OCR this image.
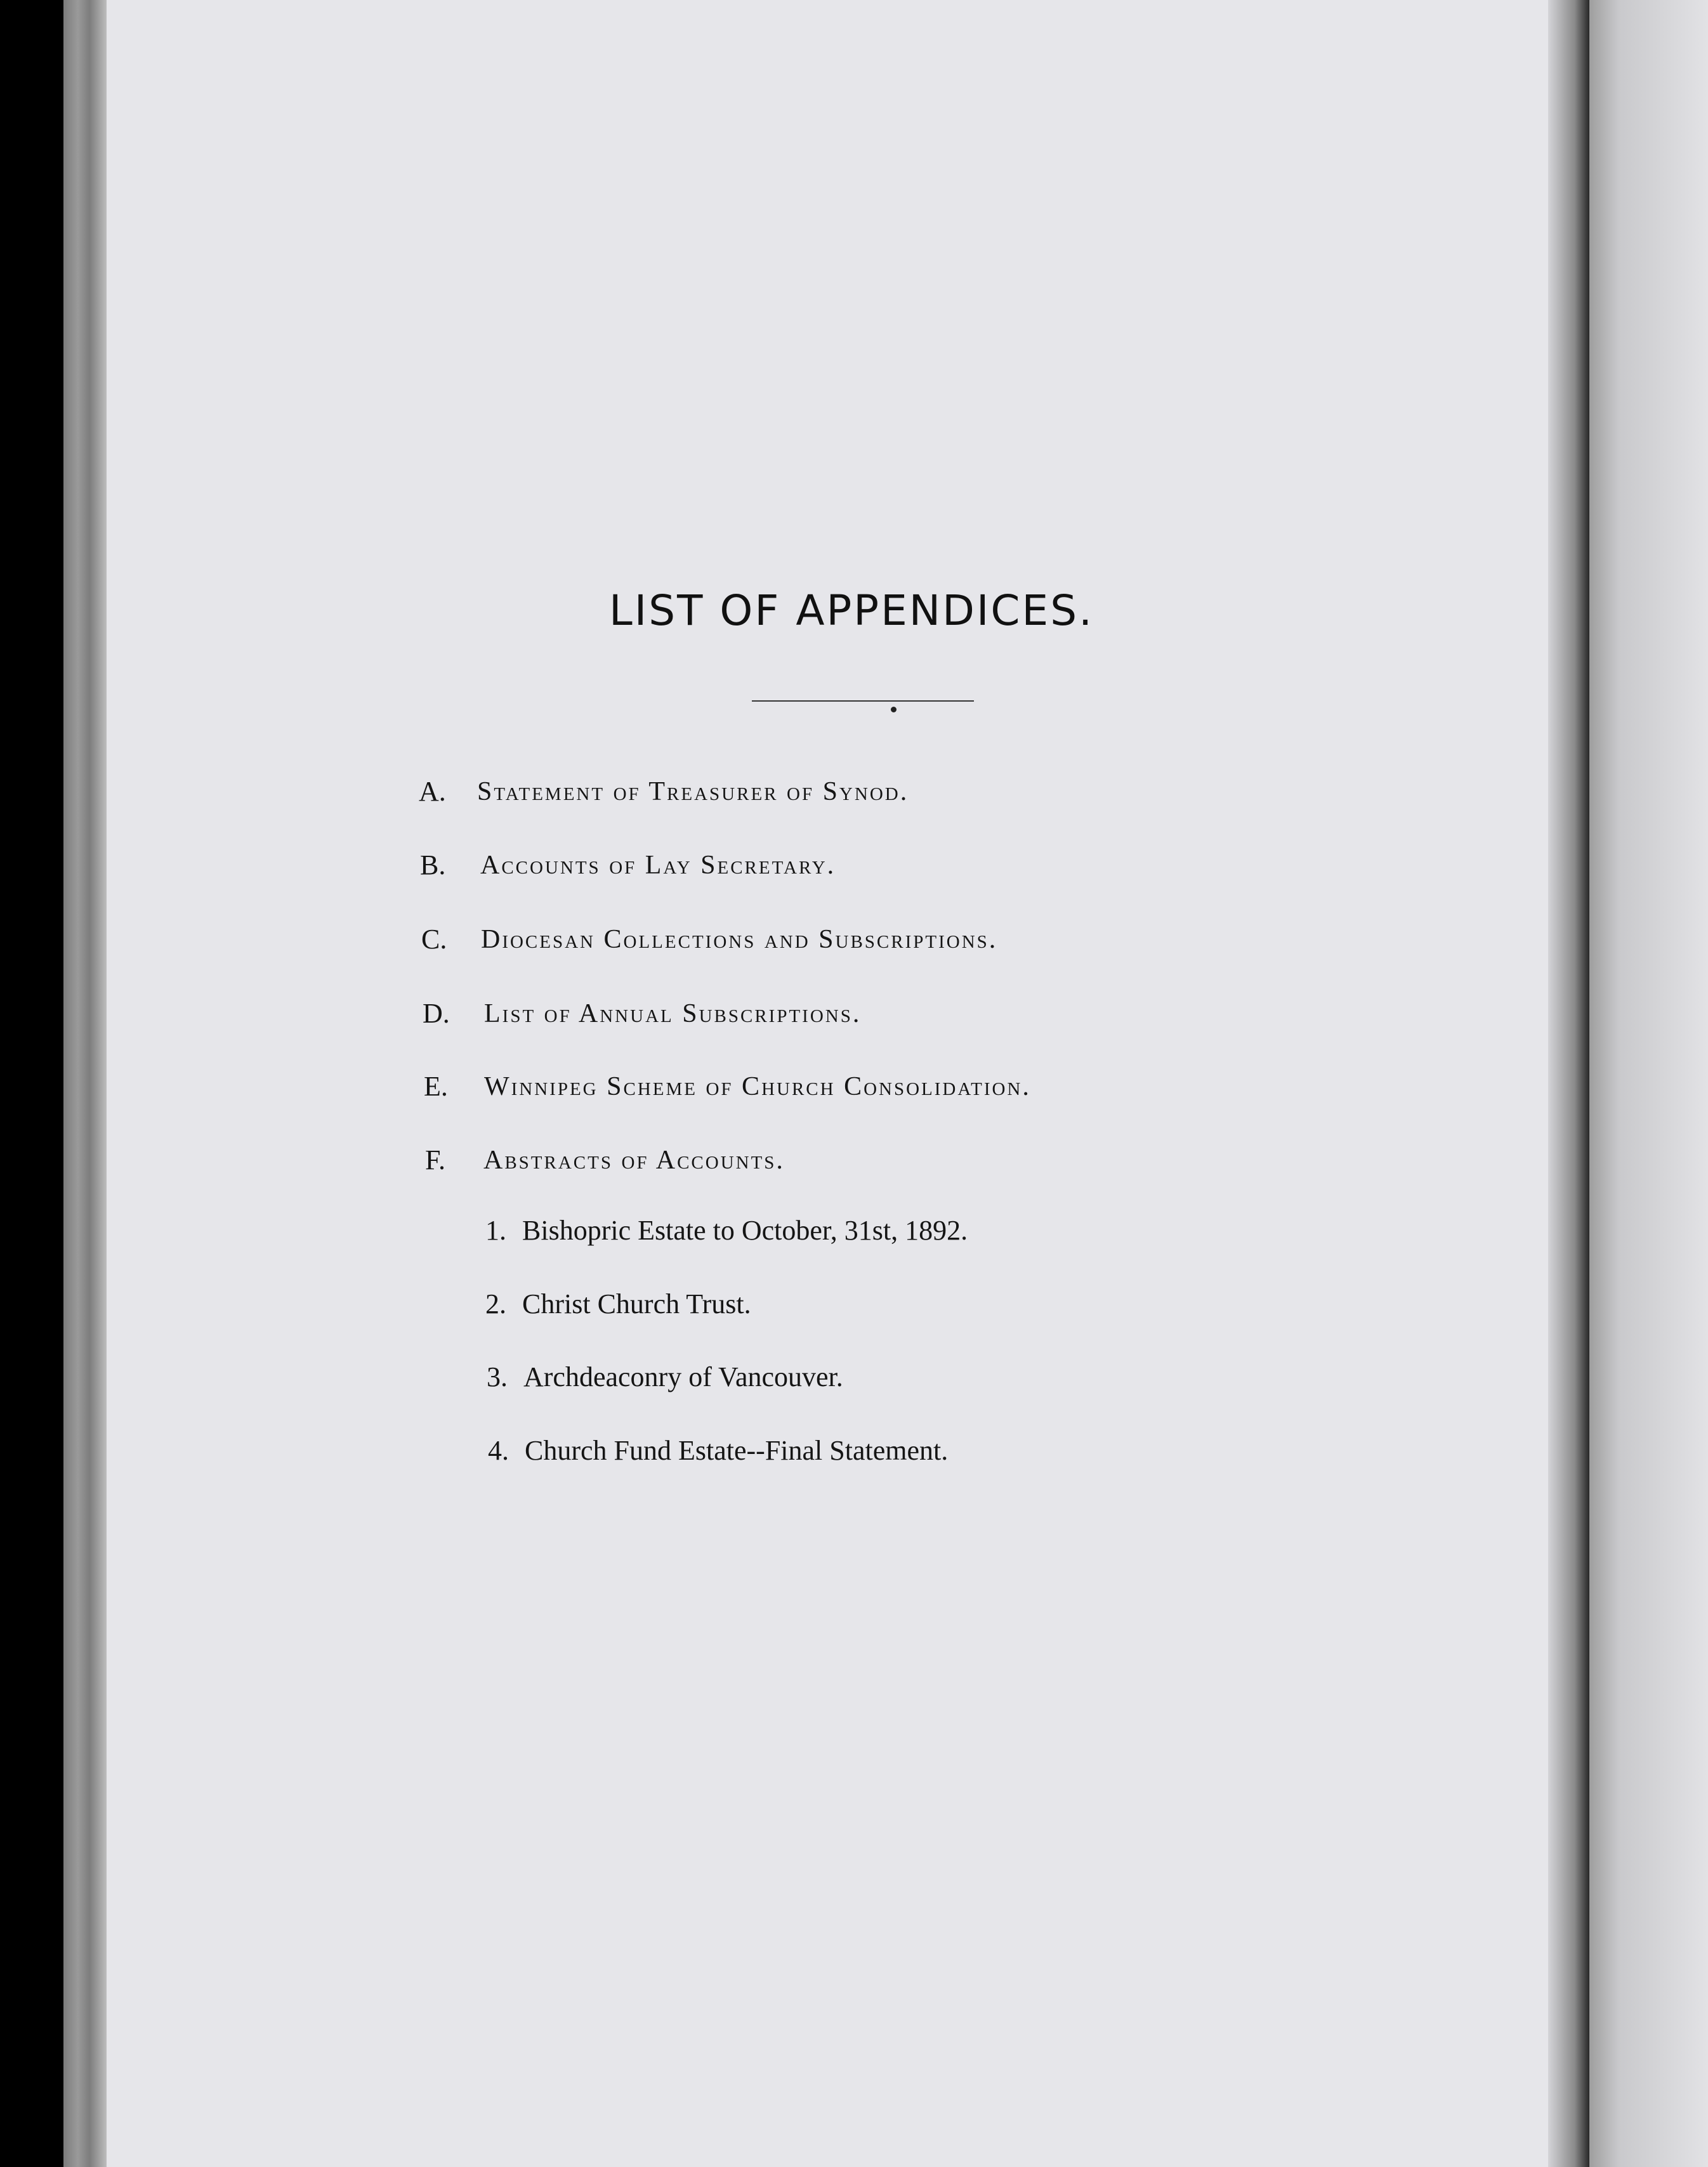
LIST OF APPENDICES.
A. Statement of Treasurer of Synod.
B. Accounts of Lay Secretary.
C. Diocesan Collections and Subscriptions.
D. List of Annual Subscriptions.
E. Winnipeg Scheme of Church Consolidation.
F. Abstracts of Accounts.
1. Bishopric Estate to October, 31st, 1892.
2. Christ Church Trust.
3. Archdeaconry of Vancouver.
4. Church Fund Estate--Final Statement.
